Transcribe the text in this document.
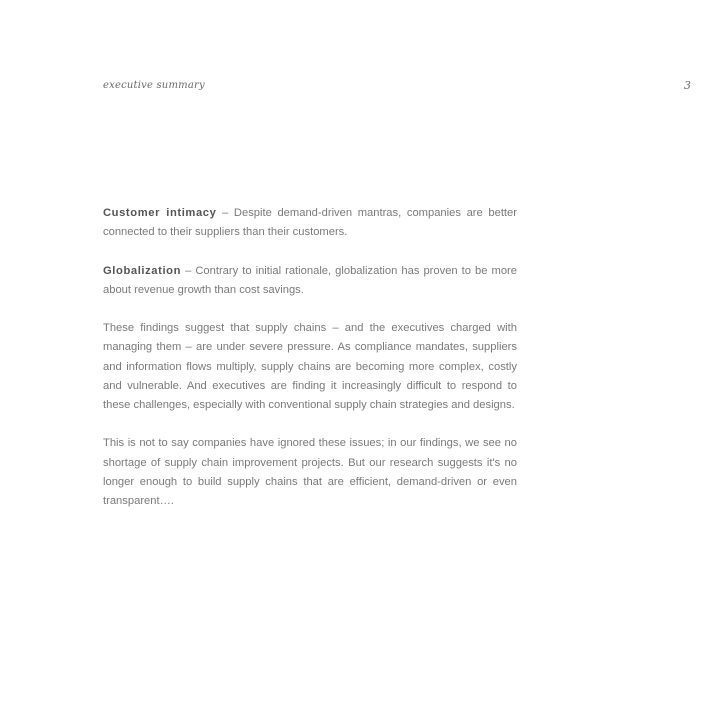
executive summary	3

Customer intimacy – Despite demand-driven mantras, companies are better connected to their suppliers than their customers.

Globalization – Contrary to initial rationale, globalization has proven to be more about revenue growth than cost savings.

These findings suggest that supply chains – and the executives charged with managing them – are under severe pressure. As compliance mandates, suppliers and information flows multiply, supply chains are becoming more complex, costly and vulnerable. And executives are finding it increasingly difficult to respond to these challenges, especially with conventional supply chain strategies and designs.

This is not to say companies have ignored these issues; in our findings, we see no shortage of supply chain improvement projects. But our research suggests it's no longer enough to build supply chains that are efficient, demand-driven or even transparent….
